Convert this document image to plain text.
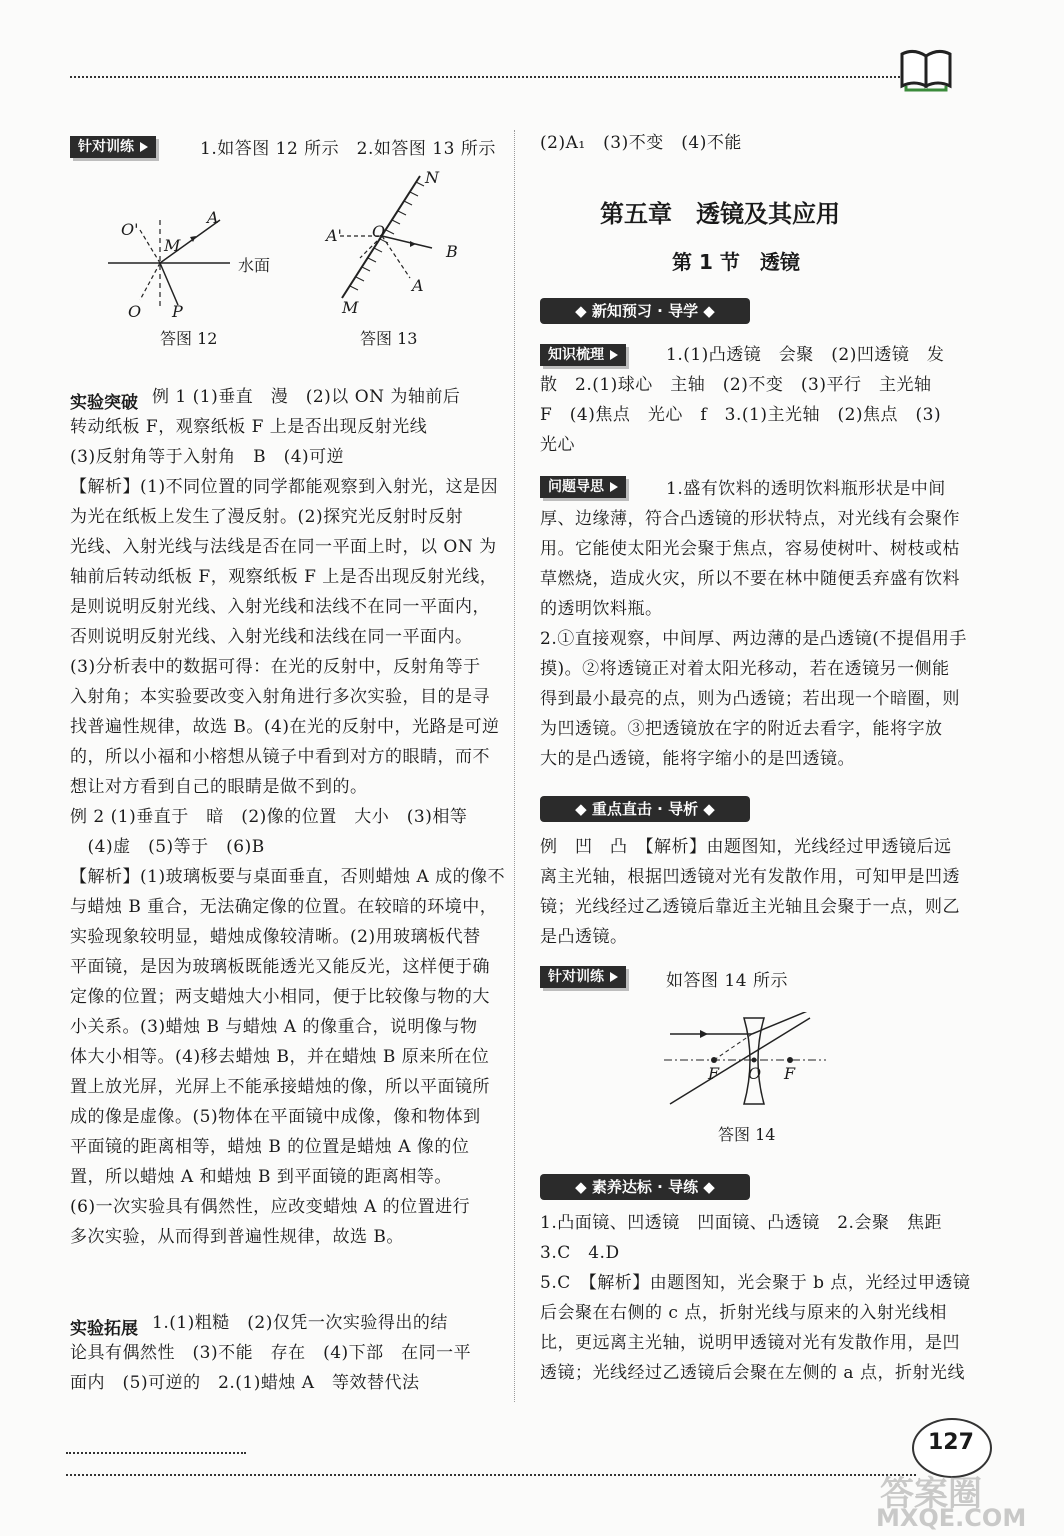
针对训练	1.如答图 12 所示　2.如答图 13 所示

O'
M
A
O P
水面
答图 12
N
A' O
B
A
M
答图 13
实验突破 例 1 (1)垂直　漫　(2)以 ON 为轴前后

转动纸板 F，观察纸板 F 上是否出现反射光线

(3)反射角等于入射角　B　(4)可逆

【解析】(1)不同位置的同学都能观察到入射光，这是因

为光在纸板上发生了漫反射。(2)探究光反射时反射

光线、入射光线与法线是否在同一平面上时，以 ON 为

轴前后转动纸板 F，观察纸板 F 上是否出现反射光线，

是则说明反射光线、入射光线和法线不在同一平面内，

否则说明反射光线、入射光线和法线在同一平面内。

(3)分析表中的数据可得：在光的反射中，反射角等于

入射角；本实验要改变入射角进行多次实验，目的是寻

找普遍性规律，故选 B。(4)在光的反射中，光路是可逆

的，所以小福和小榕想从镜子中看到对方的眼睛，而不

想让对方看到自己的眼睛是做不到的。

例 2 (1)垂直于　暗　(2)像的位置　大小　(3)相等

　(4)虚　(5)等于　(6)B

【解析】(1)玻璃板要与桌面垂直，否则蜡烛 A 成的像不

与蜡烛 B 重合，无法确定像的位置。在较暗的环境中，

实验现象较明显，蜡烛成像较清晰。(2)用玻璃板代替

平面镜，是因为玻璃板既能透光又能反光，这样便于确

定像的位置；两支蜡烛大小相同，便于比较像与物的大

小关系。(3)蜡烛 B 与蜡烛 A 的像重合，说明像与物

体大小相等。(4)移去蜡烛 B，并在蜡烛 B 原来所在位

置上放光屏，光屏上不能承接蜡烛的像，所以平面镜所

成的像是虚像。(5)物体在平面镜中成像，像和物体到

平面镜的距离相等，蜡烛 B 的位置是蜡烛 A 像的位

置，所以蜡烛 A 和蜡烛 B 到平面镜的距离相等。

(6)一次实验具有偶然性，应改变蜡烛 A 的位置进行

多次实验，从而得到普遍性规律，故选 B。

实验拓展 1.(1)粗糙　(2)仅凭一次实验得出的结

论具有偶然性　(3)不能　存在　(4)下部　在同一平

面内　(5)可逆的　2.(1)蜡烛 A　等效替代法

(2)A₁　(3)不变　(4)不能

第五章　透镜及其应用
第 1 节　透镜
◆ 新知预习 · 导学 ◆
知识梳理	1.(1)凸透镜　会聚　(2)凹透镜　发

散　2.(1)球心　主轴　(2)不变　(3)平行　主光轴

F　(4)焦点　光心　f　3.(1)主光轴　(2)焦点　(3)

光心

问题导思	1.盛有饮料的透明饮料瓶形状是中间

厚、边缘薄，符合凸透镜的形状特点，对光线有会聚作

用。它能使太阳光会聚于焦点，容易使树叶、树枝或枯

草燃烧，造成火灾，所以不要在林中随便丢弃盛有饮料

的透明饮料瓶。

2.①直接观察，中间厚、两边薄的是凸透镜(不提倡用手

摸)。②将透镜正对着太阳光移动，若在透镜另一侧能

得到最小最亮的点，则为凸透镜；若出现一个暗圈，则

为凹透镜。③把透镜放在字的附近去看字，能将字放

大的是凸透镜，能将字缩小的是凹透镜。

◆ 重点直击 · 导析 ◆

例　凹　凸　【解析】由题图知，光线经过甲透镜后远

离主光轴，根据凹透镜对光有发散作用，可知甲是凹透

镜；光线经过乙透镜后靠近主光轴且会聚于一点，则乙

是凸透镜。

针对训练	如答图 14 所示

F O F
答图 14
◆ 素养达标 · 导练 ◆

1.凸面镜、凹透镜　凹面镜、凸透镜　2.会聚　焦距

3.C　4.D

5.C　【解析】由题图知，光会聚于 b 点，光经过甲透镜

后会聚在右侧的 c 点，折射光线与原来的入射光线相

比，更远离主光轴，说明甲透镜对光有发散作用，是凹

透镜；光线经过乙透镜后会聚在左侧的 a 点，折射光线

127
答案圈
MXQE.COM
